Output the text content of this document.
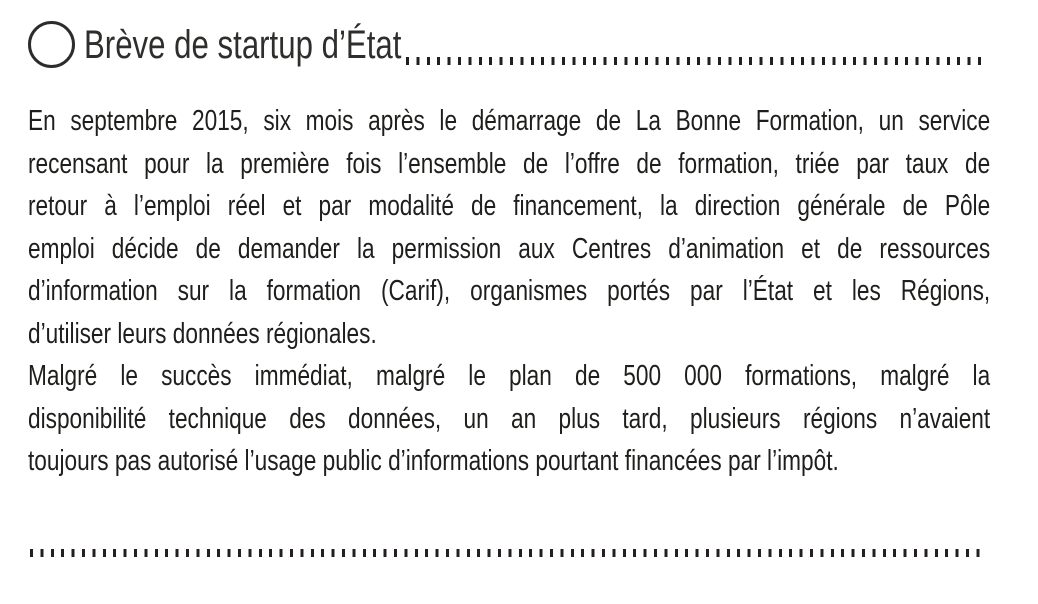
Brève de startup d’État
En septembre 2015, six mois après le démarrage de La Bonne Formation, un service
recensant pour la première fois l’ensemble de l’offre de formation, triée par taux de
retour à l’emploi réel et par modalité de financement, la direction générale de Pôle
emploi décide de demander la permission aux Centres d’animation et de ressources
d’information sur la formation (Carif), organismes portés par l’État et les Régions,
d’utiliser leurs données régionales.
Malgré le succès immédiat, malgré le plan de 500 000 formations, malgré la
disponibilité technique des données, un an plus tard, plusieurs régions n’avaient
toujours pas autorisé l’usage public d’informations pourtant financées par l’impôt.
